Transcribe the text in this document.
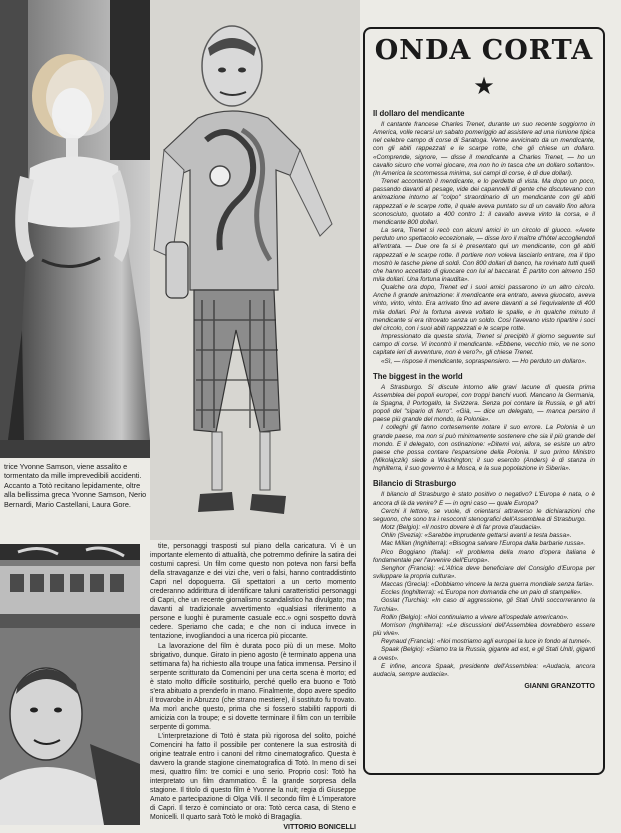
trice Yvonne Samson, viene assalito e tormentato da mille imprevedibili accidenti. Accanto a Totò recitano lepidamente, oltre alla bellissima greca Yvonne Samson, Nerio Bernardi, Mario Castellani, Laura Gore.

tite, personaggi trasposti sul piano della caricatura. Vi è un importante elemento di attualità, che potremmo definire la satira dei costumi capresi. Un film come questo non poteva non farsi beffa della stravaganze e dei vizi che, veri o falsi, hanno contraddistinto Capri nel dopoguerra. Gli spettatori a un certo momento crederanno addirittura di identificare taluni caratteristici personaggi di Capri, che un recente giornalismo scandalistico ha divulgato; ma davanti al tradizionale avvertimento «qualsiasi riferimento a persone e luoghi è puramente casuale ecc.» ogni sospetto dovrà cedere. Speriamo che cada; e che non ci induca invece in tentazione, invogliandoci a una ricerca più piccante.

La lavorazione del film è durata poco più di un mese. Molto sbrigativo, dunque. Girato in pieno agosto (è terminato appena una settimana fa) ha richiesto alla troupe una fatica immensa. Persino il serpente scritturato da Comencini per una certa scena è morto; ed è stato molto difficile sostituirlo, perché quello era buono e Totò s'era abituato a prenderlo in mano. Finalmente, dopo avere spedito il trovarobe in Abruzzo (che strano mestiere), il sostituto fu trovato. Ma morì anche questo, prima che si fossero stabiliti rapporti di amicizia con la troupe; e si dovette terminare il film con un terribile serpente di gomma.

L'interpretazione di Totò è stata più rigorosa del solito, poiché Comencini ha fatto il possibile per contenere la sua estrosità di origine teatrale entro i canoni del ritmo cinematografico. Questa è davvero la grande stagione cinematografica di Totò. In meno di sei mesi, quattro film: tre comici e uno serio. Proprio così: Totò ha interpretato un film drammatico. È la grande sorpresa della stagione. Il titolo di questo film è Yvonne la nuit; regia di Giuseppe Amato e partecipazione di Olga Villi. Il secondo film è L'imperatore di Capri. Il terzo è cominciato or ora: Totò cerca casa, di Steno e Monicelli. Il quarto sarà Totò le mokò di Bragaglia.

VITTORIO BONICELLI

ONDA CORTA
★
Il dollaro del mendicante

Il cantante francese Charles Trenet, durante un suo recente soggiorno in America, volle recarsi un sabato pomeriggio ad assistere ad una riunione tipica nel celebre campo di corse di Saratoga. Venne avvicinato da un mendicante, con gli abiti rappezzati e le scarpe rotte, che gli chiese un dollaro. «Comprende, signore, — disse il mendicante a Charles Trenet, — ho un cavallo sicuro che vorrei giocare, ma non ho in tasca che un dollaro soltanto». (In America la scommessa minima, sui campi di corse, è di due dollari).

Trenet accontentò il mendicante, e lo perdette di vista. Ma dopo un poco, passando davanti al pesage, vide dei capannelli di gente che discutevano con animazione intorno al "colpo" straordinario di un mendicante con gli abiti rappezzati e le scarpe rotte, il quale aveva puntato su di un cavallo fino allora sconosciuto, quotato a 400 contro 1: il cavallo aveva vinto la corsa, e il mendicante 800 dollari.

La sera, Trenet si recò con alcuni amici in un circolo di giuoco. «Avete perduto uno spettacolo eccezionale, — disse loro il maître d'hôtel accogliendoli all'entrata. — Due ore fa si è presentato qui un mendicante, con gli abiti rappezzati e le scarpe rotte. Il portiere non voleva lasciarlo entrare, ma il tipo mostrò le tasche piene di soldi. Con 800 dollari di banco, ha rovinato tutti quelli che hanno accettato di giuocare con lui al baccarat. È partito con almeno 150 mila dollari. Una fortuna inaudita».

Qualche ora dopo, Trenet ed i suoi amici passarono in un altro circolo. Anche lì grande animazione: il mendicante era entrato, aveva giuocato, aveva vinto, vinto, vinto. Era arrivato fino ad avere davanti a sé l'equivalente di 400 mila dollari. Poi la fortuna aveva voltato le spalle, e in qualche minuto il mendicante si era ritrovato senza un soldo. Così l'avevano visto ripartire i soci del circolo, con i suoi abiti rappezzati e le scarpe rotte.

Impressionato da questa storia, Trenet si precipitò il giorno seguente sul campo di corse. Vi incontrò il mendicante. «Ebbene, vecchio mio, ve ne sono capitate ieri di avventure, non è vero?», gli chiese Trenet.

«Sì, — rispose il mendicante, sopraspensiero. — Ho perduto un dollaro».

The biggest in the world

A Strasburgo. Si discute intorno alle gravi lacune di questa prima Assemblea dei popoli europei, con troppi banchi vuoti. Mancano la Germania, la Spagna, il Portogallo, la Svizzera. Senza poi contare la Russia, e gli altri popoli del "sipario di ferro". «Già, — dice un delegato, — manca persino il paese più grande del mondo, la Polonia».

I colleghi gli fanno cortesemente notare il suo errore. La Polonia è un grande paese, ma non si può minimamente sostenere che sia il più grande del mondo. E il delegato, con ostinazione: «Ditemi voi, allora, se esiste un altro paese che possa contare l'espansione della Polonia. Il suo primo Ministro (Mikolajczik) siede a Washington; il suo esercito (Anders) è di stanza in Inghilterra, il suo governo è a Mosca, e la sua popolazione in Siberia».

Bilancio di Strasburgo

Il bilancio di Strasburgo è stato positivo o negativo? L'Europa è nata, o è ancora di là da venire? E — in ogni caso — quale Europa?

Cerchi il lettore, se vuole, di orientarsi attraverso le dichiarazioni che seguono, che sono tra i resoconti stenografici dell'Assemblea di Strasburgo.

Motz (Belgio): «Il nostro dovere è di far prova d'audacia».

Ohlin (Svezia): «Sarebbe imprudente gettarsi avanti a testa bassa».

Mac Millan (Inghilterra): «Bisogna salvare l'Europa dalla barbarie russa».

Pico Boggiano (Italia): «Il problema della mano d'opera italiana è fondamentale per l'avvenire dell'Europa».

Senghor (Francia): «L'Africa deve beneficiare del Consiglio d'Europa per sviluppare la propria cultura».

Maccas (Grecia): «Dobbiamo vincere la terza guerra mondiale senza farla».

Eccles (Inghilterra): «L'Europa non domanda che un paio di stampelle».

Goslat (Turchia): «In caso di aggressione, gli Stati Uniti soccorreranno la Turchia».

Rollin (Belgio): «Noi continuiamo a vivere all'ospedale americano».

Morrison (Inghilterra): «Le discussioni dell'Assemblea dovrebbero essere più vive».

Reynaud (Francia): «Noi mostriamo agli europei la luce in fondo al tunnel».

Spaak (Belgio): «Siamo tra la Russia, gigante ad est, e gli Stati Uniti, giganti a ovest».

E infine, ancora Spaak, presidente dell'Assemblea: «Audacia, ancora audacia, sempre audacia».

GIANNI GRANZOTTO
